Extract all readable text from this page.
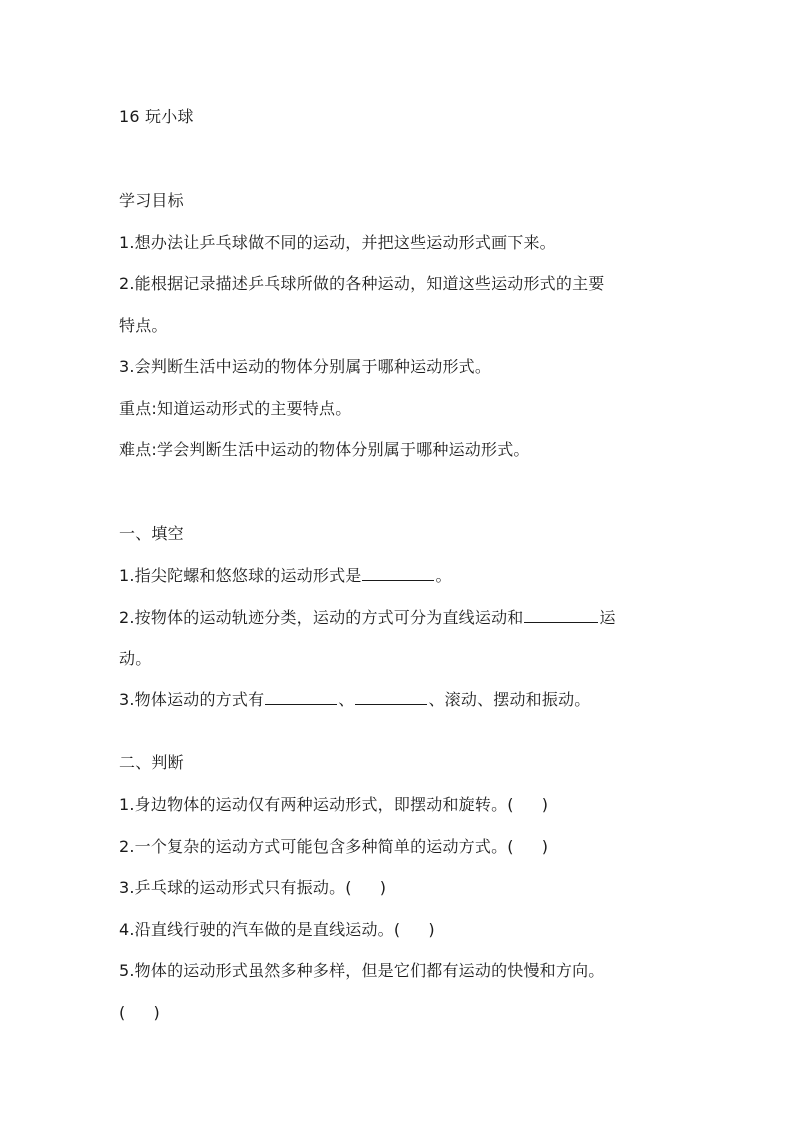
16 玩小球
学习目标
1.想办法让乒乓球做不同的运动，并把这些运动形式画下来。
2.能根据记录描述乒乓球所做的各种运动，知道这些运动形式的主要
特点。
3.会判断生活中运动的物体分别属于哪种运动形式。
重点:知道运动形式的主要特点。
难点:学会判断生活中运动的物体分别属于哪种运动形式。
一、填空
1.指尖陀螺和悠悠球的运动形式是	。
2.按物体的运动轨迹分类，运动的方式可分为直线运动和	运
动。
3.物体运动的方式有	、	、滚动、摆动和振动。
二、判断
1.身边物体的运动仅有两种运动形式，即摆动和旋转。( )
2.一个复杂的运动方式可能包含多种简单的运动方式。( )
3.乒乓球的运动形式只有振动。( )
4.沿直线行驶的汽车做的是直线运动。( )
5.物体的运动形式虽然多种多样，但是它们都有运动的快慢和方向。
( )
